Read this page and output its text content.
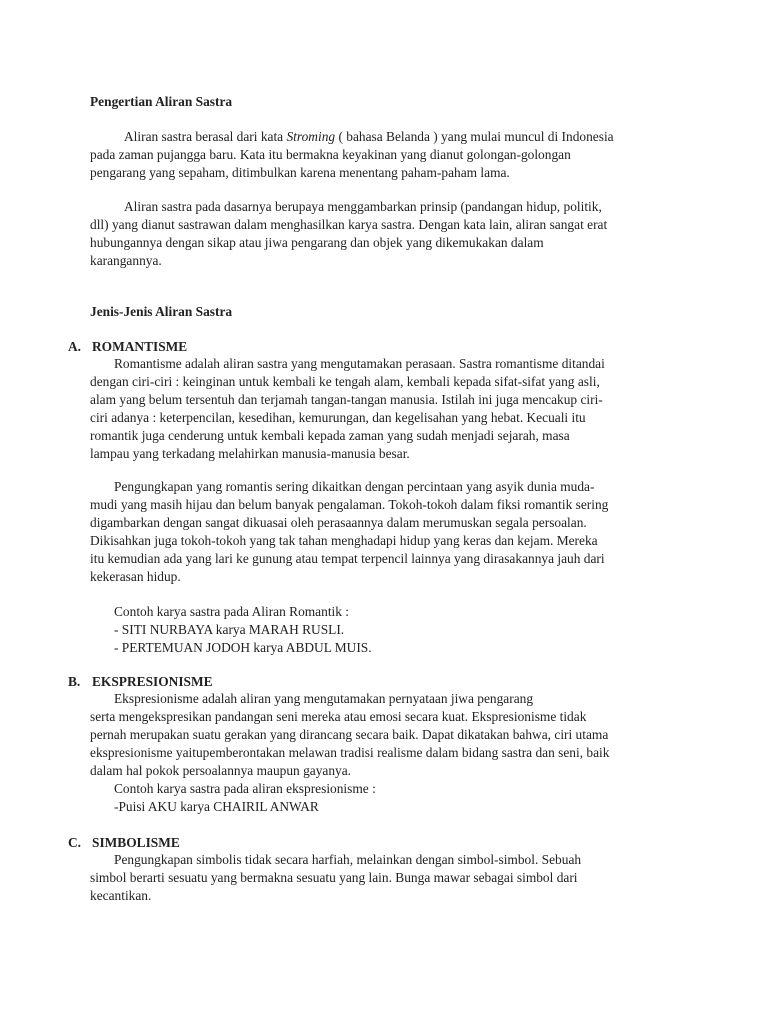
Pengertian Aliran Sastra
Aliran sastra berasal dari kata Stroming ( bahasa Belanda ) yang mulai muncul di Indonesia
pada zaman pujangga baru. Kata itu bermakna keyakinan yang dianut golongan-golongan
pengarang yang sepaham, ditimbulkan karena menentang paham-paham lama.
Aliran sastra pada dasarnya berupaya menggambarkan prinsip (pandangan hidup, politik,
dll) yang dianut sastrawan dalam menghasilkan karya sastra. Dengan kata lain, aliran sangat erat
hubungannya dengan sikap atau jiwa pengarang dan objek yang dikemukakan dalam
karangannya.
Jenis-Jenis Aliran Sastra
A. ROMANTISME
Romantisme adalah aliran sastra yang mengutamakan perasaan. Sastra romantisme ditandai
dengan ciri-ciri : keinginan untuk kembali ke tengah alam, kembali kepada sifat-sifat yang asli,
alam yang belum tersentuh dan terjamah tangan-tangan manusia. Istilah ini juga mencakup ciri-
ciri adanya : keterpencilan, kesedihan, kemurungan, dan kegelisahan yang hebat. Kecuali itu
romantik juga cenderung untuk kembali kepada zaman yang sudah menjadi sejarah, masa
lampau yang terkadang melahirkan manusia-manusia besar.
Pengungkapan yang romantis sering dikaitkan dengan percintaan yang asyik dunia muda-
mudi yang masih hijau dan belum banyak pengalaman. Tokoh-tokoh dalam fiksi romantik sering
digambarkan dengan sangat dikuasai oleh perasaannya dalam merumuskan segala persoalan.
Dikisahkan juga tokoh-tokoh yang tak tahan menghadapi hidup yang keras dan kejam. Mereka
itu kemudian ada yang lari ke gunung atau tempat terpencil lainnya yang dirasakannya jauh dari
kekerasan hidup.
Contoh karya sastra pada Aliran Romantik :
- SITI NURBAYA karya MARAH RUSLI.
- PERTEMUAN JODOH karya ABDUL MUIS.
B. EKSPRESIONISME
Ekspresionisme adalah aliran yang mengutamakan pernyataan jiwa pengarang
serta mengekspresikan pandangan seni mereka atau emosi secara kuat. Ekspresionisme tidak
pernah merupakan suatu gerakan yang dirancang secara baik. Dapat dikatakan bahwa, ciri utama
ekspresionisme yaitupemberontakan melawan tradisi realisme dalam bidang sastra dan seni, baik
dalam hal pokok persoalannya maupun gayanya.
Contoh karya sastra pada aliran ekspresionisme :
-Puisi AKU karya CHAIRIL ANWAR
C. SIMBOLISME
Pengungkapan simbolis tidak secara harfiah, melainkan dengan simbol-simbol. Sebuah
simbol berarti sesuatu yang bermakna sesuatu yang lain. Bunga mawar sebagai simbol dari
kecantikan.
